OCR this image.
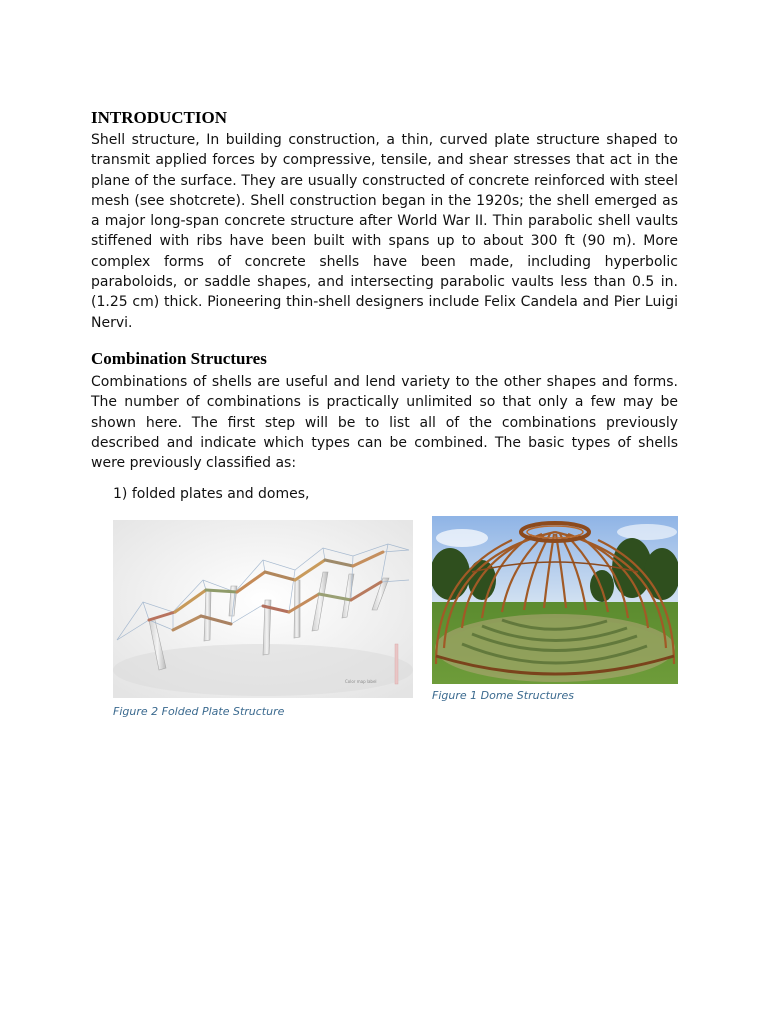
INTRODUCTION

Shell structure, In building construction, a thin, curved plate structure shaped to transmit applied forces by compressive, tensile, and shear stresses that act in the plane of the surface. They are usually constructed of concrete reinforced with steel mesh (see shotcrete). Shell construction began in the 1920s; the shell emerged as a major long-span concrete structure after World War II. Thin parabolic shell vaults stiffened with ribs have been built with spans up to about 300 ft (90 m). More complex forms of concrete shells have been made, including hyperbolic paraboloids, or saddle shapes, and intersecting parabolic vaults less than 0.5 in. (1.25 cm) thick. Pioneering thin-shell designers include Felix Candela and Pier Luigi Nervi.

Combination Structures

Combinations of shells are useful and lend variety to the other shapes and forms. The number of combinations is practically unlimited so that only a few may be shown here. The first step will be to list all of the combinations previously described and indicate which types can be combined. The basic types of shells were previously classified as:

1) folded plates and domes,

Color map label

Figure 2 Folded Plate Structure

Figure 1 Dome Structures
